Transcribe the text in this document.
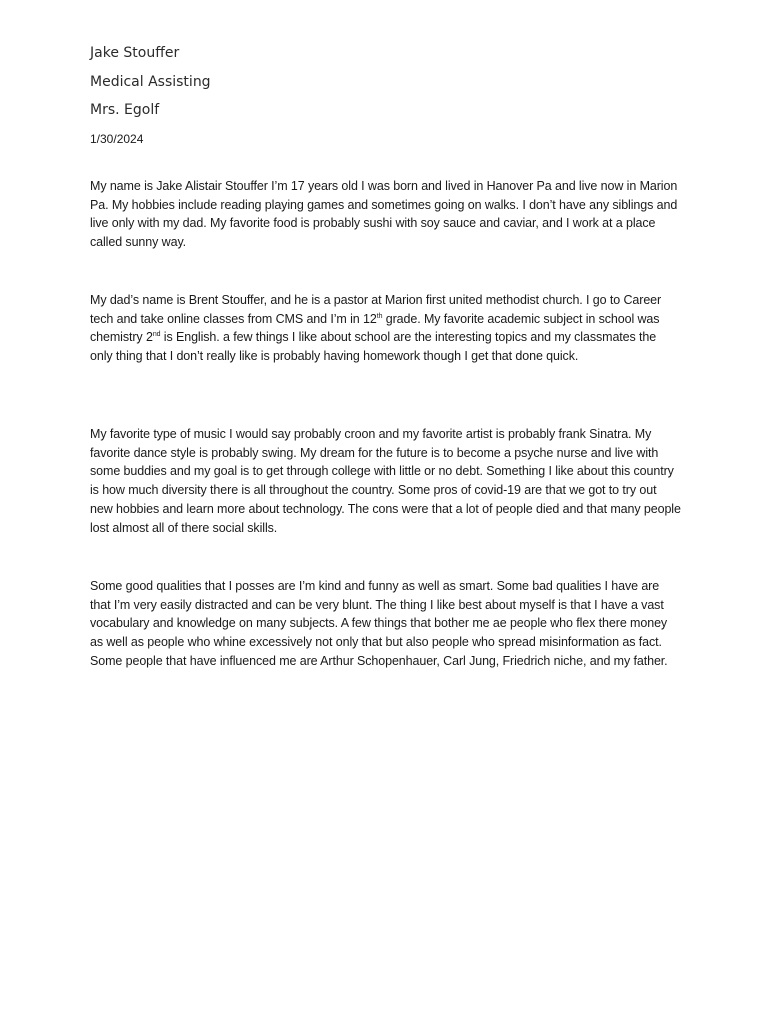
Jake Stouffer
Medical Assisting
Mrs. Egolf
1/30/2024

My name is Jake Alistair Stouffer I’m 17 years old I was born and lived in Hanover Pa and live now in Marion Pa. My hobbies include reading playing games and sometimes going on walks. I don’t have any siblings and live only with my dad. My favorite food is probably sushi with soy sauce and caviar, and I work at a place called sunny way.

My dad’s name is Brent Stouffer, and he is a pastor at Marion first united methodist church. I go to Career tech and take online classes from CMS and I’m in 12th grade. My favorite academic subject in school was chemistry 2nd is English. a few things I like about school are the interesting topics and my classmates the only thing that I don’t really like is probably having homework though I get that done quick.

My favorite type of music I would say probably croon and my favorite artist is probably frank Sinatra. My favorite dance style is probably swing. My dream for the future is to become a psyche nurse and live with some buddies and my goal is to get through college with little or no debt. Something I like about this country is how much diversity there is all throughout the country. Some pros of covid-19 are that we got to try out new hobbies and learn more about technology. The cons were that a lot of people died and that many people lost almost all of there social skills.

Some good qualities that I posses are I’m kind and funny as well as smart. Some bad qualities I have are that I’m very easily distracted and can be very blunt. The thing I like best about myself is that I have a vast vocabulary and knowledge on many subjects. A few things that bother me ae people who flex there money as well as people who whine excessively not only that but also people who spread misinformation as fact. Some people that have influenced me are Arthur Schopenhauer, Carl Jung, Friedrich niche, and my father.
